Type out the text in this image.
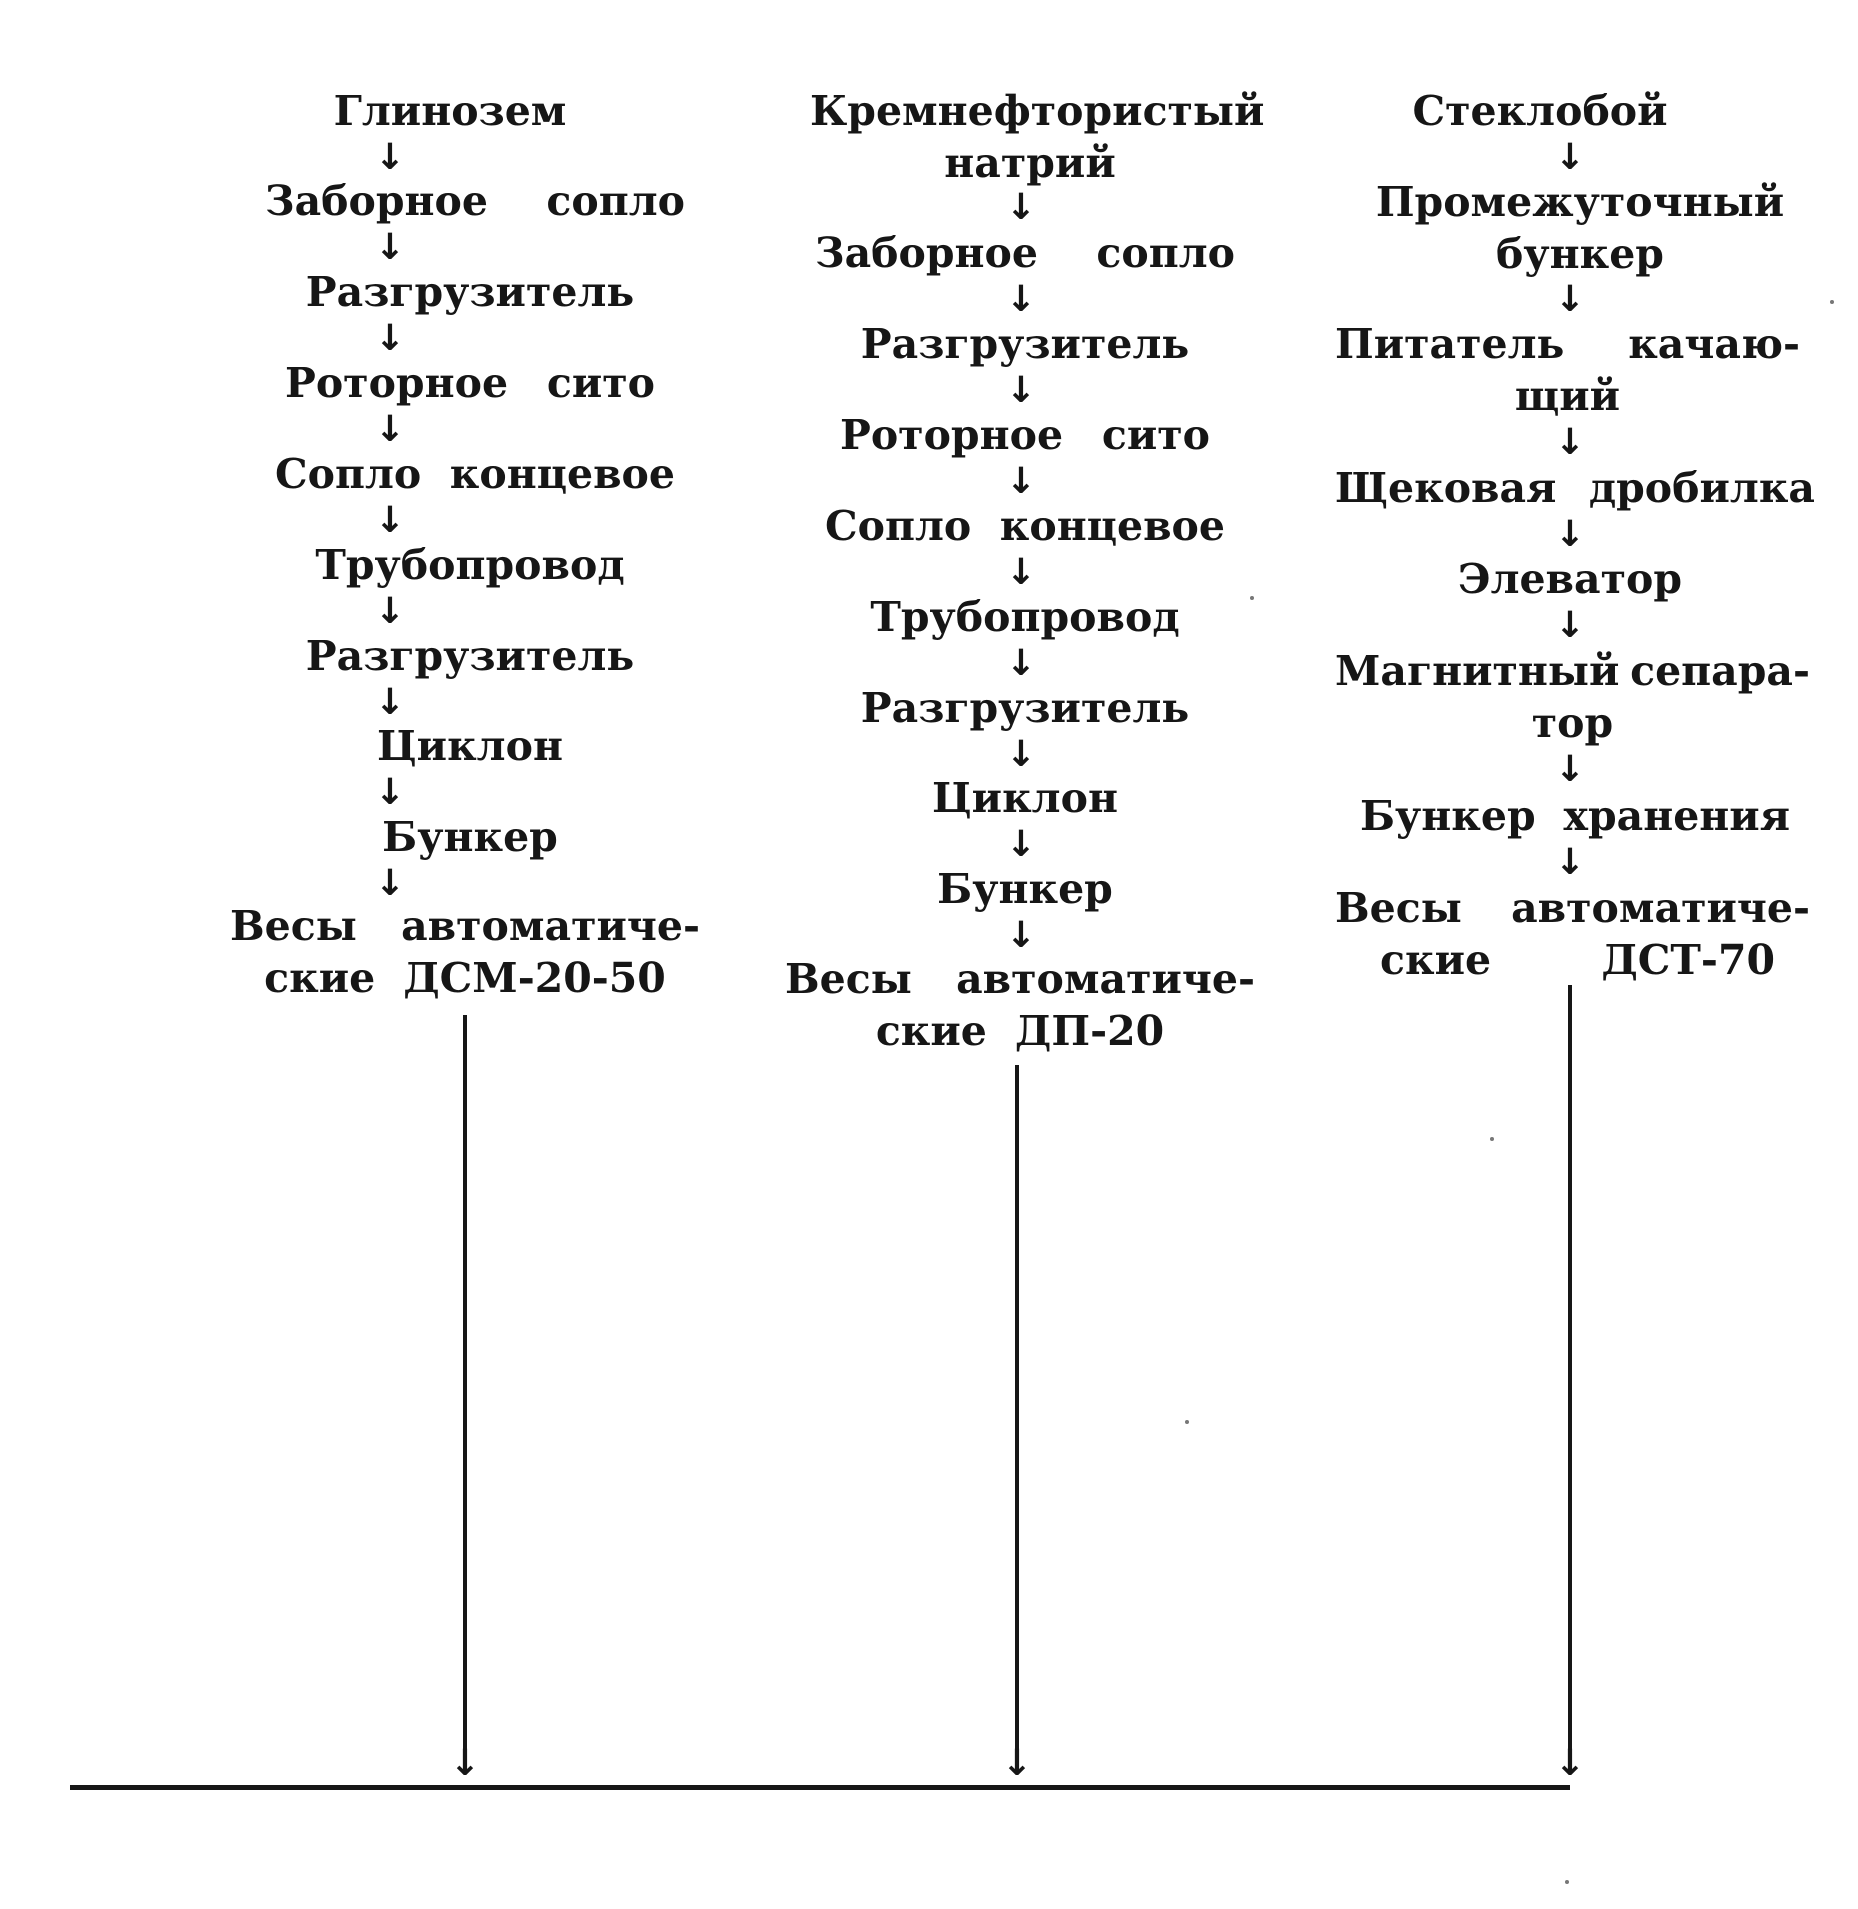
Глинозем
↓
Заборное сопло
↓
Разгрузитель
↓
Роторное сито
↓
Сопло концевое
↓
Трубопровод
↓
Разгрузитель
↓
Циклон
↓
Бункер
↓
Весы автоматиче-
ские ДСМ-20-50
Кремнефтористый
натрий
↓
Заборное сопло
↓
Разгрузитель
↓
Роторное сито
↓
Сопло концевое
↓
Трубопровод
↓
Разгрузитель
↓
Циклон
↓
Бункер
↓
Весы автоматиче-
ские ДП-20
Стеклобой
↓
Промежуточный
бункер
↓
Питатель качаю-
щий
↓
Щековая дробилка
↓
Элеватор
↓
Магнитный сепара-
тор
↓
Бункер хранения
↓
Весы автоматиче-
ские	ДСТ-70
↓	↓	↓
